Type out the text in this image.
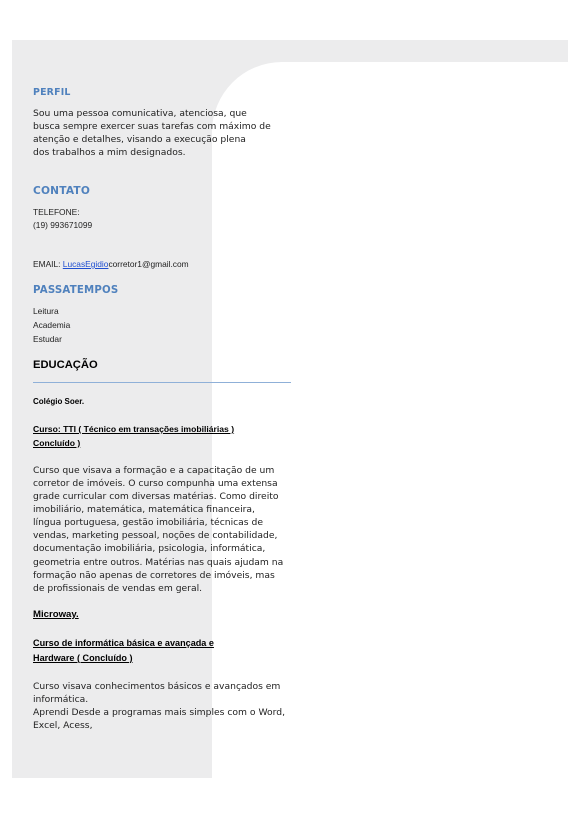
PERFIL
Sou uma pessoa comunicativa, atenciosa, que
busca sempre exercer suas tarefas com máximo de
atenção e detalhes, visando a execução plena
dos trabalhos a mim designados.
CONTATO
TELEFONE:
(19) 993671099
EMAIL: LucasEgidiocorretor1@gmail.com
PASSATEMPOS
Leitura
Academia
Estudar
EDUCAÇÃO
Colégio Soer.
Curso: TTI ( Técnico em transações imobiliárias )
Concluído )
Curso que visava a formação e a capacitação de um
corretor de imóveis. O curso compunha uma extensa
grade curricular com diversas matérias. Como direito
imobiliário, matemática, matemática financeira,
língua portuguesa, gestão imobiliária, técnicas de
vendas, marketing pessoal, noções de contabilidade,
documentação imobiliária, psicologia, informática,
geometria entre outros. Matérias nas quais ajudam na
formação não apenas de corretores de imóveis, mas
de profissionais de vendas em geral.
Microway.
Curso de informática básica e avançada e
Hardware ( Concluído )
Curso visava conhecimentos básicos e avançados em
informática.
Aprendi Desde a programas mais simples com o Word,
Excel, Acess,
